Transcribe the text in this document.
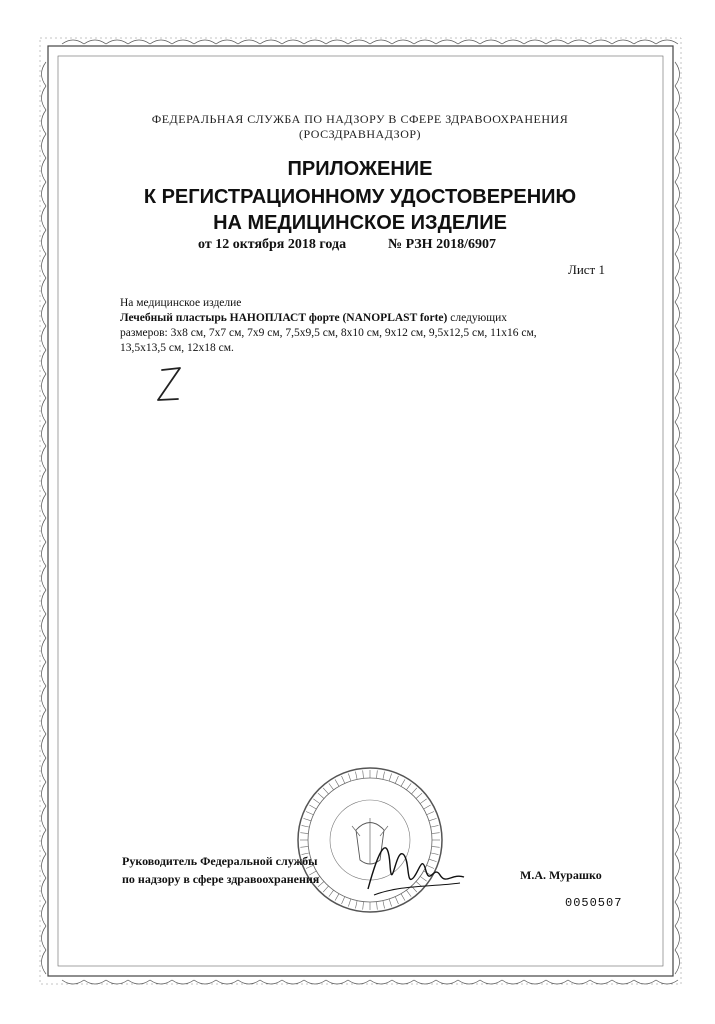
ФЕДЕРАЛЬНАЯ СЛУЖБА ПО НАДЗОРУ В СФЕРЕ ЗДРАВООХРАНЕНИЯ
(РОСЗДРАВНАДЗОР)
ПРИЛОЖЕНИЕ
К РЕГИСТРАЦИОННОМУ УДОСТОВЕРЕНИЮ
НА МЕДИЦИНСКОЕ ИЗДЕЛИЕ
от 12 октября 2018 года	№ РЗН 2018/6907
Лист 1
На медицинское изделие
Лечебный пластырь НАНОПЛАСТ форте (NANOPLAST forte) следующих
размеров: 3х8 см, 7х7 см, 7х9 см, 7,5х9,5 см, 8х10 см, 9х12 см, 9,5х12,5 см, 11х16 см,
13,5х13,5 см, 12х18 см.
Руководитель Федеральной службы
по надзору в сфере здравоохранения	М.А. Мурашко
0050507
